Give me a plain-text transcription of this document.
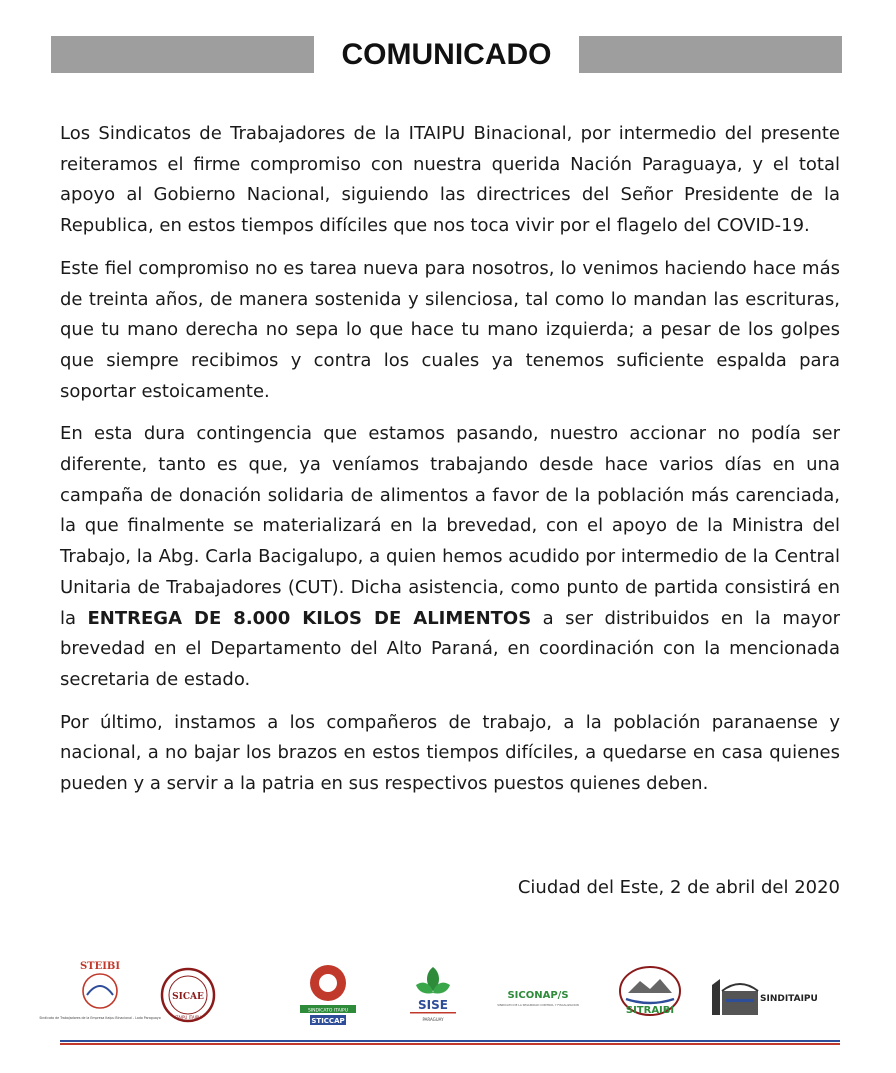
COMUNICADO

Los Sindicatos de Trabajadores de la ITAIPU Binacional, por intermedio del presente reiteramos el firme compromiso con nuestra querida Nación Paraguaya, y el total apoyo al Gobierno Nacional, siguiendo las directrices del Señor Presidente de la Republica, en estos tiempos difíciles que nos toca vivir por el flagelo del COVID-19.

Este fiel compromiso no es tarea nueva para nosotros, lo venimos haciendo hace más de treinta años, de manera sostenida y silenciosa, tal como lo mandan las escrituras, que tu mano derecha no sepa lo que hace tu mano izquierda; a pesar de los golpes que siempre recibimos y contra los cuales ya tenemos suficiente espalda para soportar estoicamente.

En esta dura contingencia que estamos pasando, nuestro accionar no podía ser diferente, tanto es que, ya veníamos trabajando desde hace varios días en una campaña de donación solidaria de alimentos a favor de la población más carenciada, la que finalmente se materializará en la brevedad, con el apoyo de la Ministra del Trabajo, la Abg. Carla Bacigalupo, a quien hemos acudido por intermedio de la Central Unitaria de Trabajadores (CUT). Dicha asistencia, como punto de partida consistirá en la ENTREGA DE 8.000 KILOS DE ALIMENTOS a ser distribuidos en la mayor brevedad en el Departamento del Alto Paraná, en coordinación con la mencionada secretaria de estado.

Por último, instamos a los compañeros de trabajo, a la población paranaense y nacional, a no bajar los brazos en estos tiempos difíciles, a quedarse en casa quienes pueden y a servir a la patria en sus respectivos puestos quienes deben.

Ciudad del Este, 2 de abril del 2020
STEIBI
Sindicato de Trabajadores de la Empresa Itaipu Binacional - Lado Paraguayo
SICAE
ITAIPU ITAIPU
SINDICATO ITAIPU
STICCAP
SISE
PARAGUAY
SICONAP/S
SINDICATO DE LA SEGURIDAD CONTROL Y FISCALIZACION	SITRAIBI
SINDITAIPU
